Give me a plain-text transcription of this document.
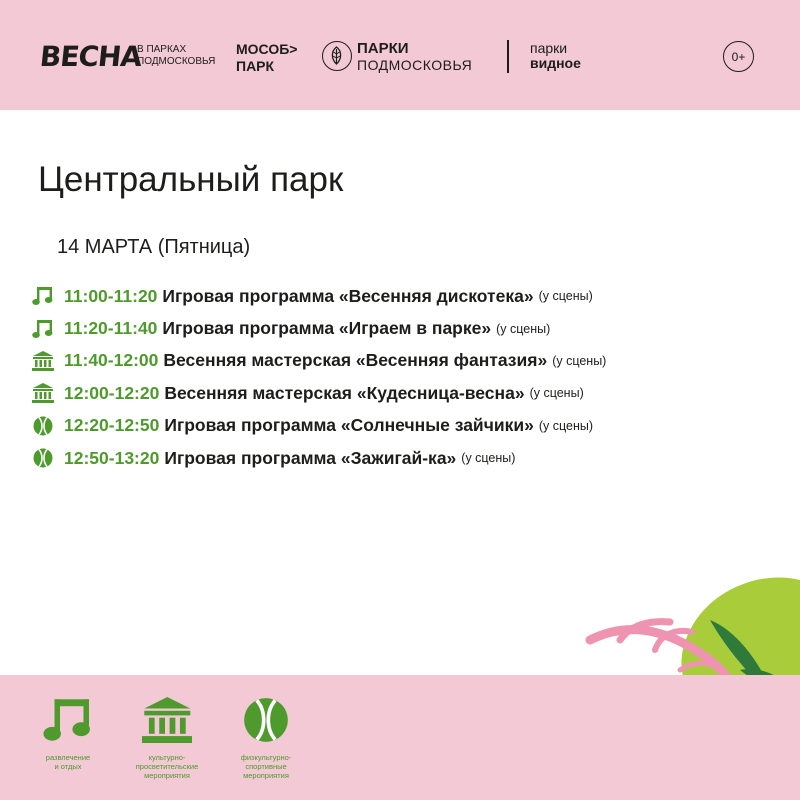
ВЕСНА
В ПАРКАХ
ПОДМОСКОВЬЯ
МОСОБ>
ПАРК
ПАРКИ
ПОДМОСКОВЬЯ
парки
видное	0+
Центральный парк
14 МАРТА (Пятница)
11:00-11:20 Игровая программа «Весенняя дискотека» (у сцены)
11:20-11:40 Игровая программа «Играем в парке» (у сцены)
11:40-12:00 Весенняя мастерская «Весенняя фантазия» (у сцены)
12:00-12:20 Весенняя мастерская «Кудесница-весна» (у сцены)
12:20-12:50 Игровая программа «Солнечные зайчики» (у сцены)
12:50-13:20 Игровая программа «Зажигай-ка» (у сцены)
развлечение
и отдых
культурно-
просветительские
мероприятия
физкультурно-
спортивные
мероприятия
